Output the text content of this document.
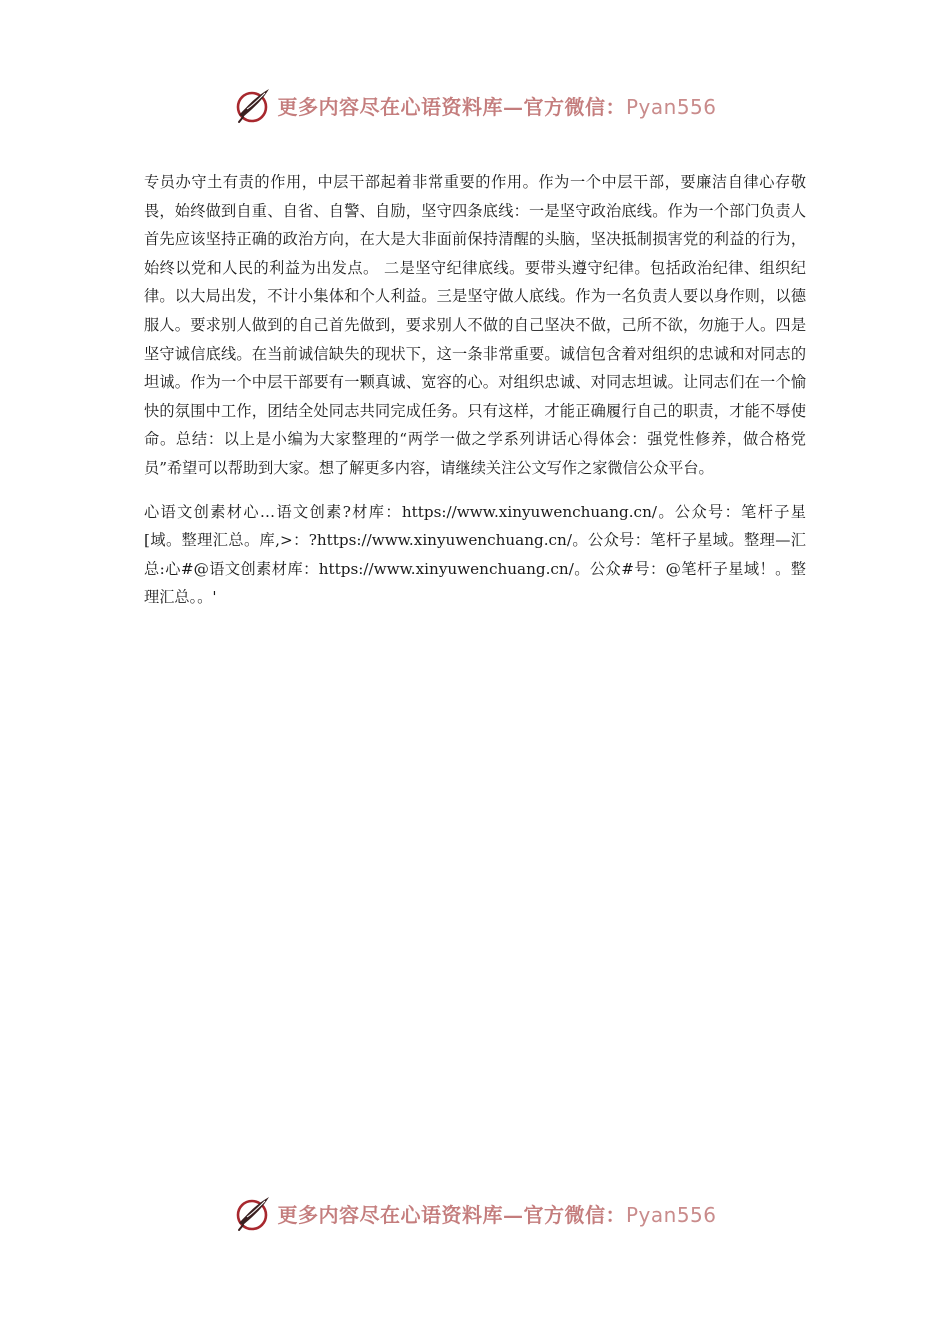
更多内容尽在心语资料库—官方微信：Pyan556

专员办守土有责的作用，中层干部起着非常重要的作用。作为一个中层干部，要廉洁自律心存敬畏，始终做到自重、自省、自警、自励，坚守四条底线：一是坚守政治底线。作为一个部门负责人首先应该坚持正确的政治方向，在大是大非面前保持清醒的头脑，坚决抵制损害党的利益的行为，始终以党和人民的利益为出发点。 二是坚守纪律底线。要带头遵守纪律。包括政治纪律、组织纪律。以大局出发，不计小集体和个人利益。三是坚守做人底线。作为一名负责人要以身作则，以德服人。要求别人做到的自己首先做到，要求别人不做的自己坚决不做，己所不欲，勿施于人。四是坚守诚信底线。在当前诚信缺失的现状下，这一条非常重要。诚信包含着对组织的忠诚和对同志的坦诚。作为一个中层干部要有一颗真诚、宽容的心。对组织忠诚、对同志坦诚。让同志们在一个愉快的氛围中工作，团结全处同志共同完成任务。只有这样，才能正确履行自己的职责，才能不辱使命。总结：以上是小编为大家整理的“两学一做之学系列讲话心得体会：强党性修养，做合格党员”希望可以帮助到大家。想了解更多内容，请继续关注公文写作之家微信公众平台。

心语文创素材心…语文创素?材库：https://www.xinyuwenchuang.cn/。公众号：笔杆子星[域。整理汇总。库,>：?https://www.xinyuwenchuang.cn/。公众号：笔杆子星域。整理—汇总:心#@语文创素材库：https://www.xinyuwenchuang.cn/。公众#号：@笔杆子星域！。整理汇总。。'

更多内容尽在心语资料库—官方微信：Pyan556
